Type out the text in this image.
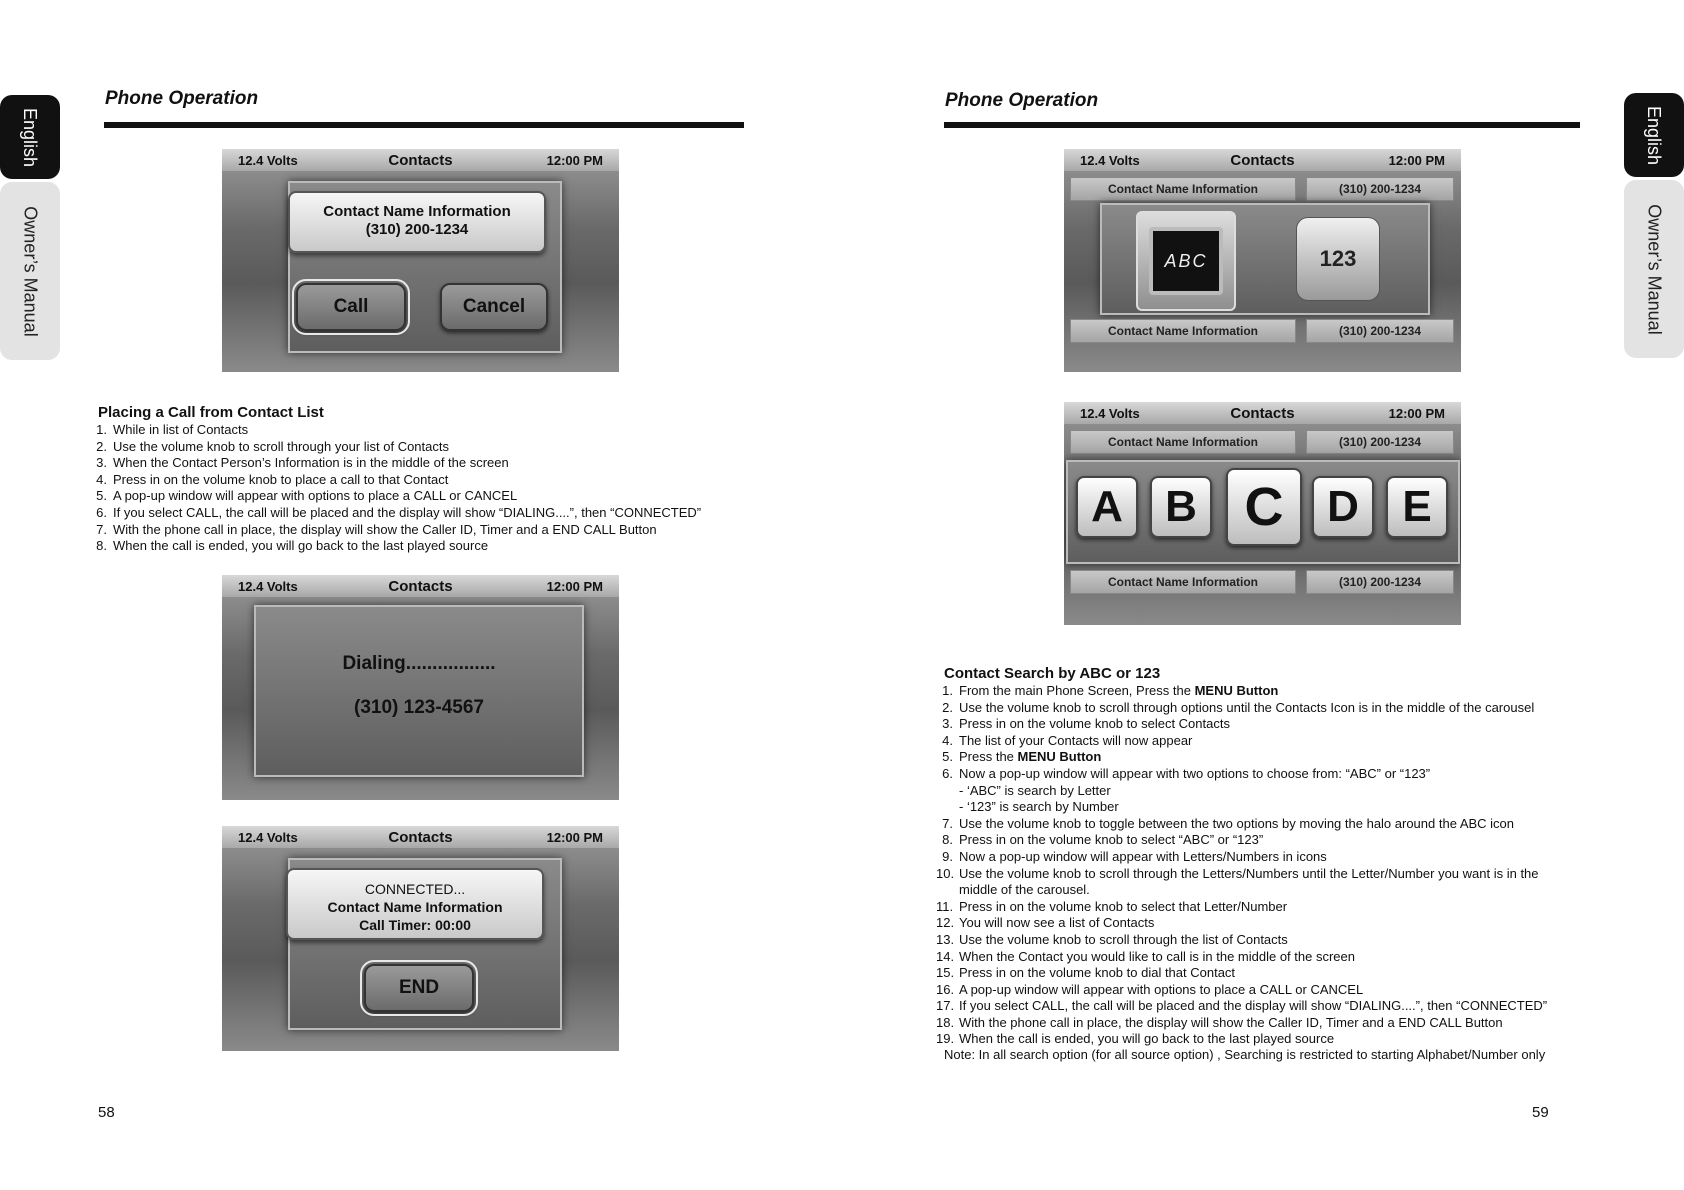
English
Owner’s Manual
English
Owner’s Manual
Phone Operation
12.4 Volts	Contacts	12:00 PM
Contact Name Information
(310) 200-1234
Call	Cancel
Placing a Call from Contact List
1. While in list of Contacts
2. Use the volume knob to scroll through your list of Contacts
3. When the Contact Person’s Information is in the middle of the screen
4. Press in on the volume knob to place a call to that Contact
5. A pop-up window will appear with options to place a CALL or CANCEL
6. If you select CALL, the call will be placed and the display will show “DIALING....”, then “CONNECTED”
7. With the phone call in place, the display will show the Caller ID, Timer and a END CALL Button
8. When the call is ended, you will go back to the last played source
12.4 Volts	Contacts	12:00 PM
Dialing.................
(310) 123-4567
12.4 Volts	Contacts	12:00 PM
CONNECTED...
Contact Name Information
Call Timer: 00:00
END
58
Phone Operation
12.4 Volts	Contacts	12:00 PM
Contact Name Information	(310) 200-1234
ABC	123
Contact Name Information	(310) 200-1234
12.4 Volts	Contacts	12:00 PM
Contact Name Information	(310) 200-1234
A B C D E
Contact Name Information	(310) 200-1234
Contact Search by ABC or 123
1. From the main Phone Screen, Press the MENU Button
2. Use the volume knob to scroll through options until the Contacts Icon is in the middle of the carousel
3. Press in on the volume knob to select Contacts
4. The list of your Contacts will now appear
5. Press the MENU Button
6. Now a pop-up window will appear with two options to choose from: “ABC” or “123”
- ‘ABC” is search by Letter
- ‘123” is search by Number
7. Use the volume knob to toggle between the two options by moving the halo around the ABC icon
8. Press in on the volume knob to select “ABC” or “123”
9. Now a pop-up window will appear with Letters/Numbers in icons
10. Use the volume knob to scroll through the Letters/Numbers until the Letter/Number you want is in the
middle of the carousel.
11. Press in on the volume knob to select that Letter/Number
12. You will now see a list of Contacts
13. Use the volume knob to scroll through the list of Contacts
14. When the Contact you would like to call is in the middle of the screen
15. Press in on the volume knob to dial that Contact
16. A pop-up window will appear with options to place a CALL or CANCEL
17. If you select CALL, the call will be placed and the display will show “DIALING....”, then “CONNECTED”
18. With the phone call in place, the display will show the Caller ID, Timer and a END CALL Button
19. When the call is ended, you will go back to the last played source
Note: In all search option (for all source option) , Searching is restricted to starting Alphabet/Number only
59
